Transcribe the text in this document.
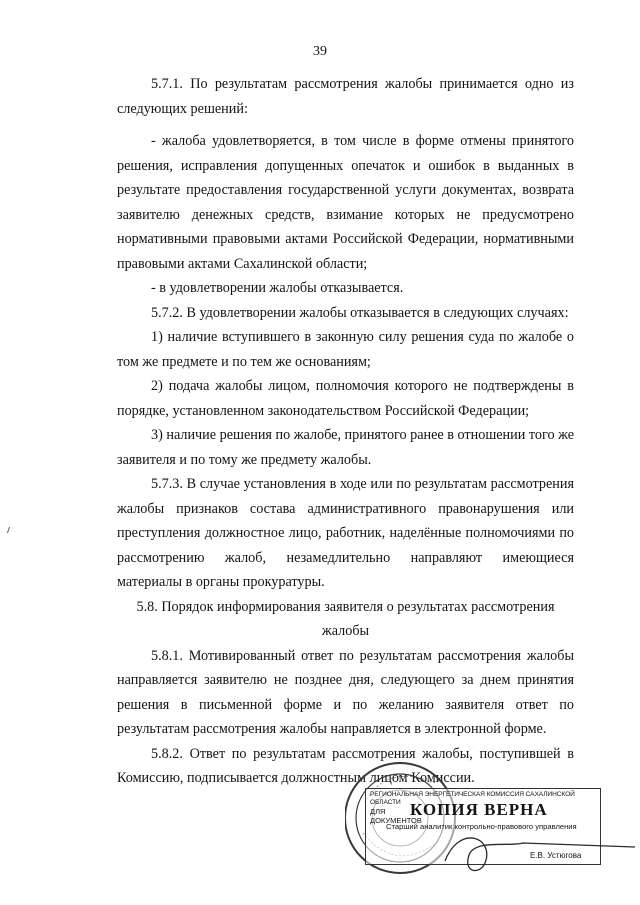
39

5.7.1. По результатам рассмотрения жалобы принимается одно из следующих решений:

- жалоба удовлетворяется, в том числе в форме отмены принятого решения, исправления допущенных опечаток и ошибок в выданных в результате предоставления государственной услуги документах, возврата заявителю денежных средств, взимание которых не предусмотрено нормативными правовыми актами Российской Федерации, нормативными правовыми актами Сахалинской области;

- в удовлетворении жалобы отказывается.

5.7.2. В удовлетворении жалобы отказывается в следующих случаях:

1) наличие вступившего в законную силу решения суда по жалобе о том же предмете и по тем же основаниям;

2) подача жалобы лицом, полномочия которого не подтверждены в порядке, установленном законодательством Российской Федерации;

3) наличие решения по жалобе, принятого ранее в отношении того же заявителя и по тому же предмету жалобы.

5.7.3. В случае установления в ходе или по результатам рассмотрения жалобы признаков состава административного правонарушения или преступления должностное лицо, работник, наделённые полномочиями по рассмотрению жалоб, незамедлительно направляют имеющиеся материалы в органы прокуратуры.

5.8. Порядок информирования заявителя о результатах рассмотрения жалобы

5.8.1. Мотивированный ответ по результатам рассмотрения жалобы направляется заявителю не позднее дня, следующего за днем принятия решения в письменной форме и по желанию заявителя ответ по результатам рассмотрения жалобы направляется в электронной форме.

5.8.2. Ответ по результатам рассмотрения жалобы, поступившей в Комиссию, подписывается должностным лицом Комиссии.

РЕГИОНАЛЬНАЯ ЭНЕРГЕТИЧЕСКАЯ КОМИССИЯ САХАЛИНСКОЙ ОБЛАСТИ
ДЛЯ
ДОКУМЕНТОВ
КОПИЯ ВЕРНА
Старший аналитик контрольно-правового управления
Е.В. Устюгова
